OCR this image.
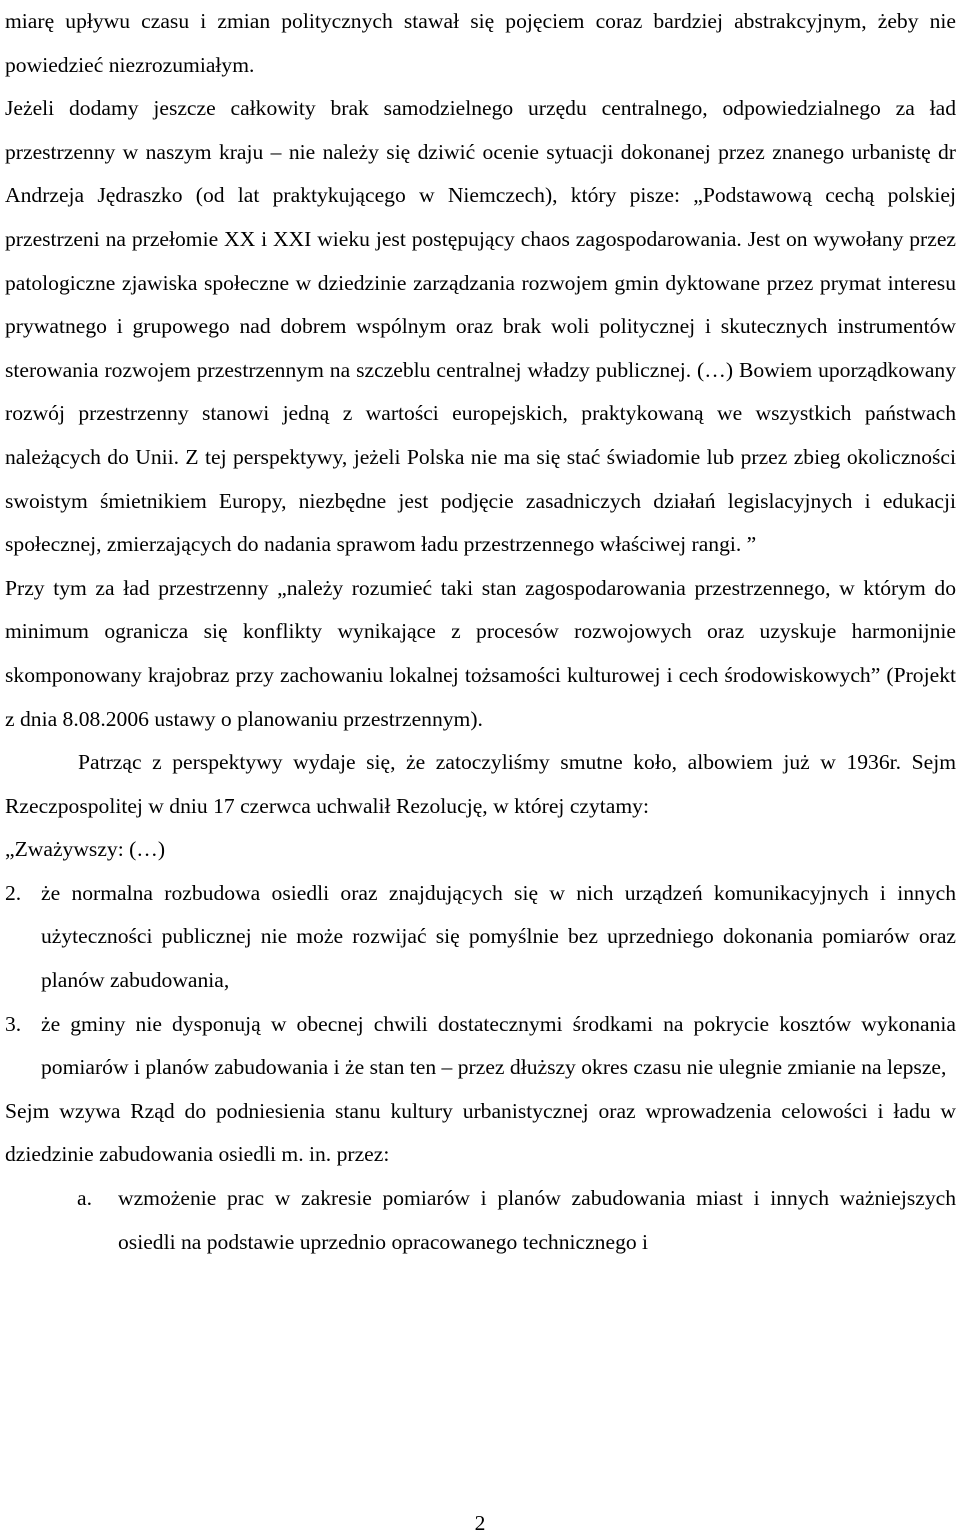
miarę upływu czasu i zmian politycznych stawał się pojęciem coraz bardziej abstrakcyjnym, żeby nie powiedzieć niezrozumiałym.

Jeżeli dodamy jeszcze całkowity brak samodzielnego urzędu centralnego, odpowiedzialnego za ład przestrzenny w naszym kraju – nie należy się dziwić ocenie sytuacji dokonanej przez znanego urbanistę dr Andrzeja Jędraszko (od lat praktykującego w Niemczech), który pisze: „Podstawową cechą polskiej przestrzeni na przełomie XX i XXI wieku jest postępujący chaos zagospodarowania. Jest on wywołany przez patologiczne zjawiska społeczne w dziedzinie zarządzania rozwojem gmin dyktowane przez prymat interesu prywatnego i grupowego nad dobrem wspólnym oraz brak woli politycznej i skutecznych instrumentów sterowania rozwojem przestrzennym na szczeblu centralnej władzy publicznej. (…) Bowiem uporządkowany rozwój przestrzenny stanowi jedną z wartości europejskich, praktykowaną we wszystkich państwach należących do Unii. Z tej perspektywy, jeżeli Polska nie ma się stać świadomie lub przez zbieg okoliczności swoistym śmietnikiem Europy, niezbędne jest podjęcie zasadniczych działań legislacyjnych i edukacji społecznej, zmierzających do nadania sprawom ładu przestrzennego właściwej rangi. ”

Przy tym za ład przestrzenny „należy rozumieć taki stan zagospodarowania przestrzennego, w którym do minimum ogranicza się konflikty wynikające z procesów rozwojowych oraz uzyskuje harmonijnie skomponowany krajobraz przy zachowaniu lokalnej tożsamości kulturowej i cech środowiskowych” (Projekt z dnia 8.08.2006 ustawy o planowaniu przestrzennym).

Patrząc z perspektywy wydaje się, że zatoczyliśmy smutne koło, albowiem już w 1936r. Sejm Rzeczpospolitej w dniu 17 czerwca uchwalił Rezolucję, w której czytamy:

„Zważywszy: (…)

2. że normalna rozbudowa osiedli oraz znajdujących się w nich urządzeń komunikacyjnych i innych użyteczności publicznej nie może rozwijać się pomyślnie bez uprzedniego dokonania pomiarów oraz planów zabudowania,
3. że gminy nie dysponują w obecnej chwili dostatecznymi środkami na pokrycie kosztów wykonania pomiarów i planów zabudowania i że stan ten – przez dłuższy okres czasu nie ulegnie zmianie na lepsze,

Sejm wzywa Rząd do podniesienia stanu kultury urbanistycznej oraz wprowadzenia celowości i ładu w dziedzinie zabudowania osiedli m. in. przez:

a. wzmożenie prac w zakresie pomiarów i planów zabudowania miast i innych ważniejszych osiedli na podstawie uprzednio opracowanego technicznego i
2
